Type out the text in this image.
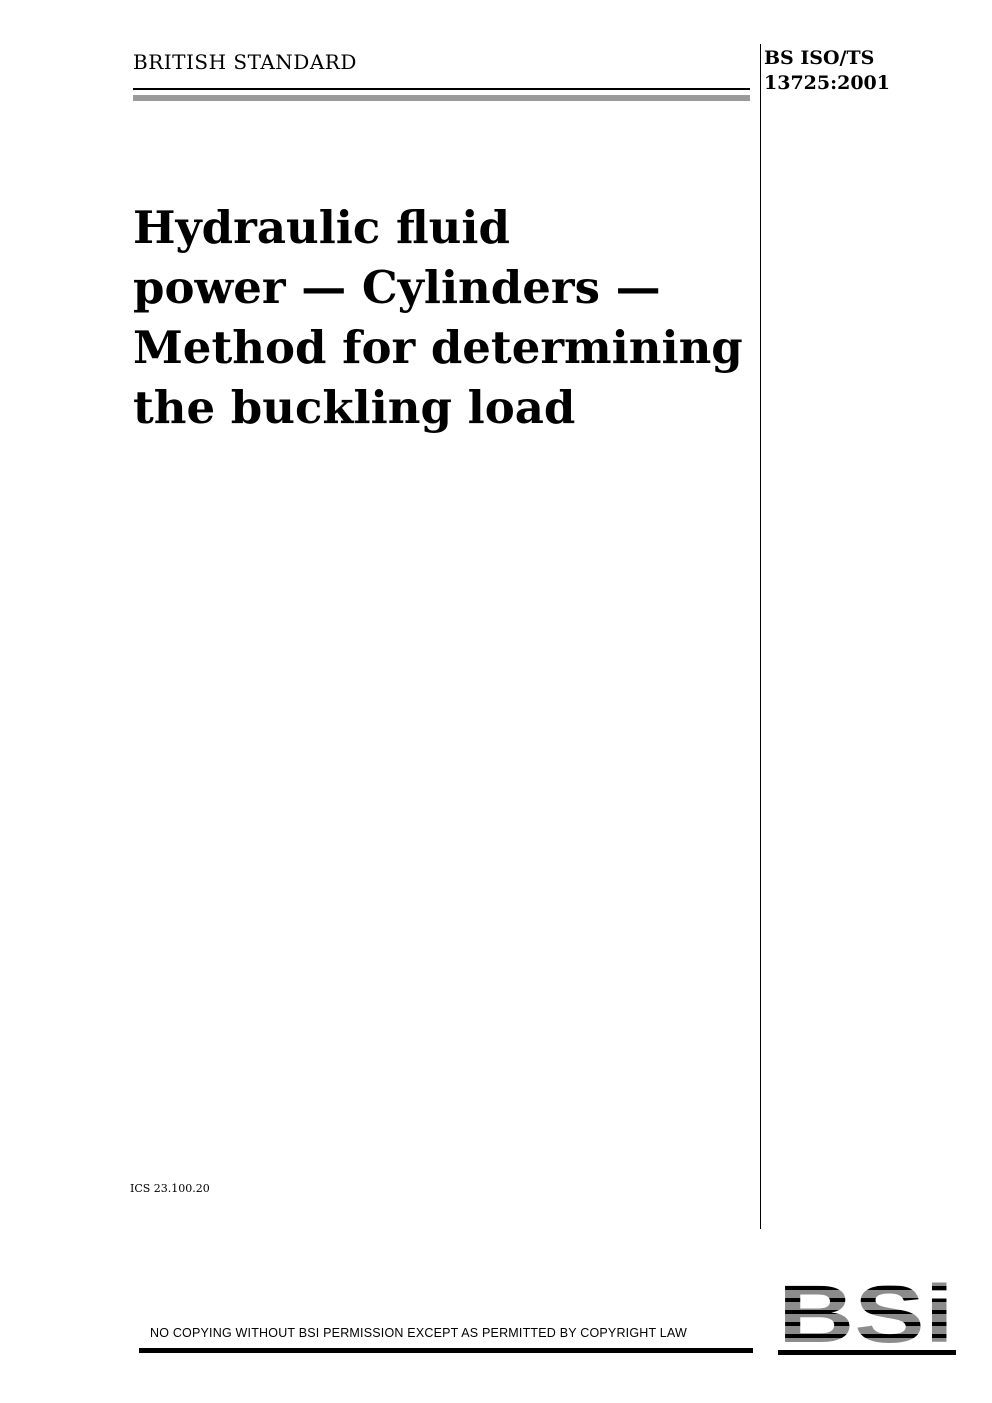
BRITISH STANDARD	BS ISO/TS
13725:2001
Hydraulic fluid
power — Cylinders —
Method for determining
the buckling load
ICS 23.100.20
NO COPYING WITHOUT BSI PERMISSION EXCEPT AS PERMITTED BY COPYRIGHT LAW
